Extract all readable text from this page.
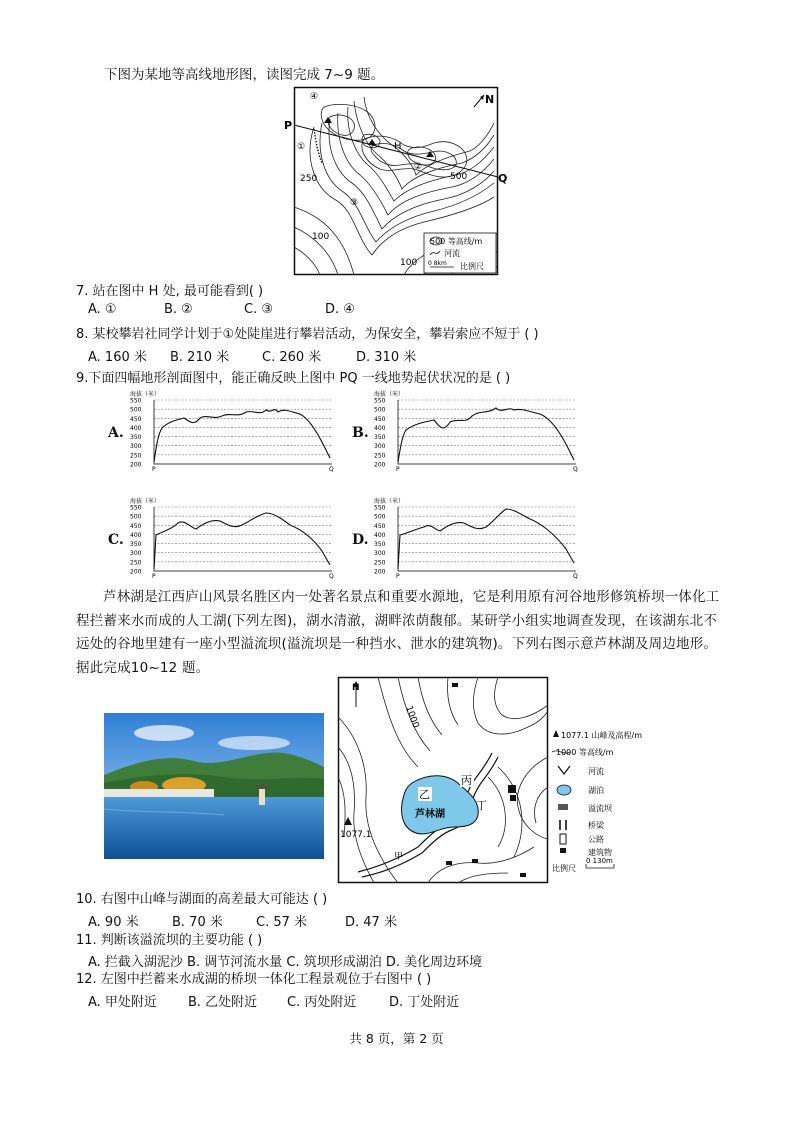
下图为某地等高线地形图，读图完成 7~9 题。
N
P
Q
H
④
①
③
②
250	500
100
100
500 等高线/m
河流
0 8km 比例尺
7. 站在图中 H 处, 最可能看到( )
A. ①	B. ②	C. ③	D. ④
8. 某校攀岩社同学计划于①处陡崖进行攀岩活动，为保安全，攀岩索应不短于 ( )
A. 160 米 B. 210 米	C. 260 米	D. 310 米
9.下面四幅地形剖面图中，能正确反映上图中 PQ 一线地势起伏状况的是 ( )
A.	B.
C.	D.
海拔（米）
550
500
450
400
350
300
250
200
P	Q
海拔（米）
550
500
450
400
350
300
250
200
P	Q
海拔（米）
550
500
450
400
350
300
250
200
P	Q
海拔（米）
550
500
450
400
350
300
250
200
P	Q
芦林湖是江西庐山风景名胜区内一处著名景点和重要水源地，它是利用原有河谷地形修筑桥坝一体化工程拦蓄来水而成的人工湖(下列左图)，湖水清澈，湖畔浓荫馥郁。某研学小组实地调查发现，在该湖东北不远处的谷地里建有一座小型溢流坝(溢流坝是一种挡水、泄水的建筑物)。下列右图示意芦林湖及周边地形。据此完成10~12 题。
芦林湖
乙
丙
丁
甲
1077.1
1000
N
1077.1 山峰及高程/m
1000 等高线/m
河流
湖泊
溢流坝
桥梁
公路
建筑物
比例尺
0 130m
10. 右图中山峰与湖面的高差最大可能达 ( )
A. 90 米	B. 70 米	C. 57 米	D. 47 米
11. 判断该溢流坝的主要功能 ( )
A. 拦截入湖泥沙 B. 调节河流水量 C. 筑坝形成湖泊 D. 美化周边环境
12. 左图中拦蓄来水成湖的桥坝一体化工程景观位于右图中 ( )
A. 甲处附近 B. 乙处附近 C. 丙处附近	D. 丁处附近
共 8 页，第 2 页
